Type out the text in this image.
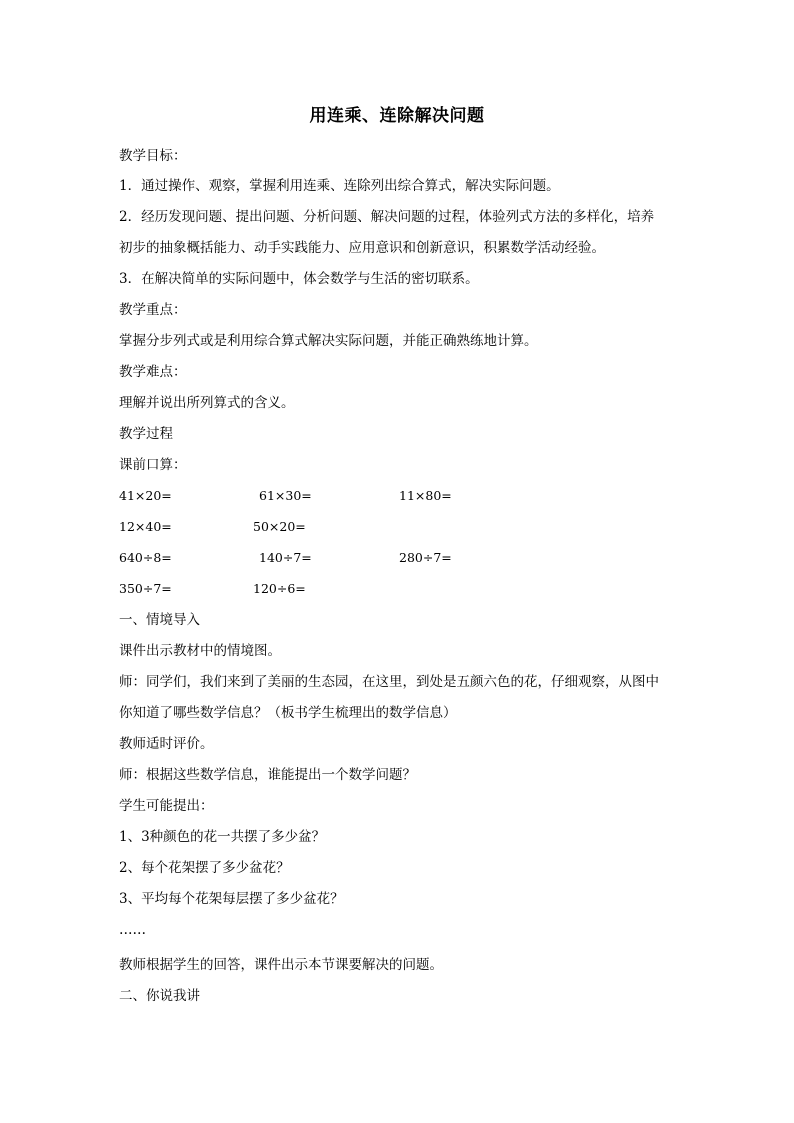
用连乘、连除解决问题
教学目标：
1．通过操作、观察，掌握利用连乘、连除列出综合算式，解决实际问题。
2．经历发现问题、提出问题、分析问题、解决问题的过程，体验列式方法的多样化，培养
初步的抽象概括能力、动手实践能力、应用意识和创新意识，积累数学活动经验。
3．在解决简单的实际问题中，体会数学与生活的密切联系。
教学重点：
掌握分步列式或是利用综合算式解决实际问题，并能正确熟练地计算。
教学难点：
理解并说出所列算式的含义。
教学过程
课前口算：
41×20=	61×30=	11×80=
12×40=	50×20=
640÷8=	140÷7=	280÷7=
350÷7=	120÷6=
一、情境导入
课件出示教材中的情境图。
师：同学们，我们来到了美丽的生态园，在这里，到处是五颜六色的花，仔细观察，从图中
你知道了哪些数学信息？（板书学生梳理出的数学信息）
教师适时评价。
师：根据这些数学信息，谁能提出一个数学问题？
学生可能提出：
1、3种颜色的花一共摆了多少盆？
2、每个花架摆了多少盆花？
3、平均每个花架每层摆了多少盆花？
……
教师根据学生的回答，课件出示本节课要解决的问题。
二、你说我讲
